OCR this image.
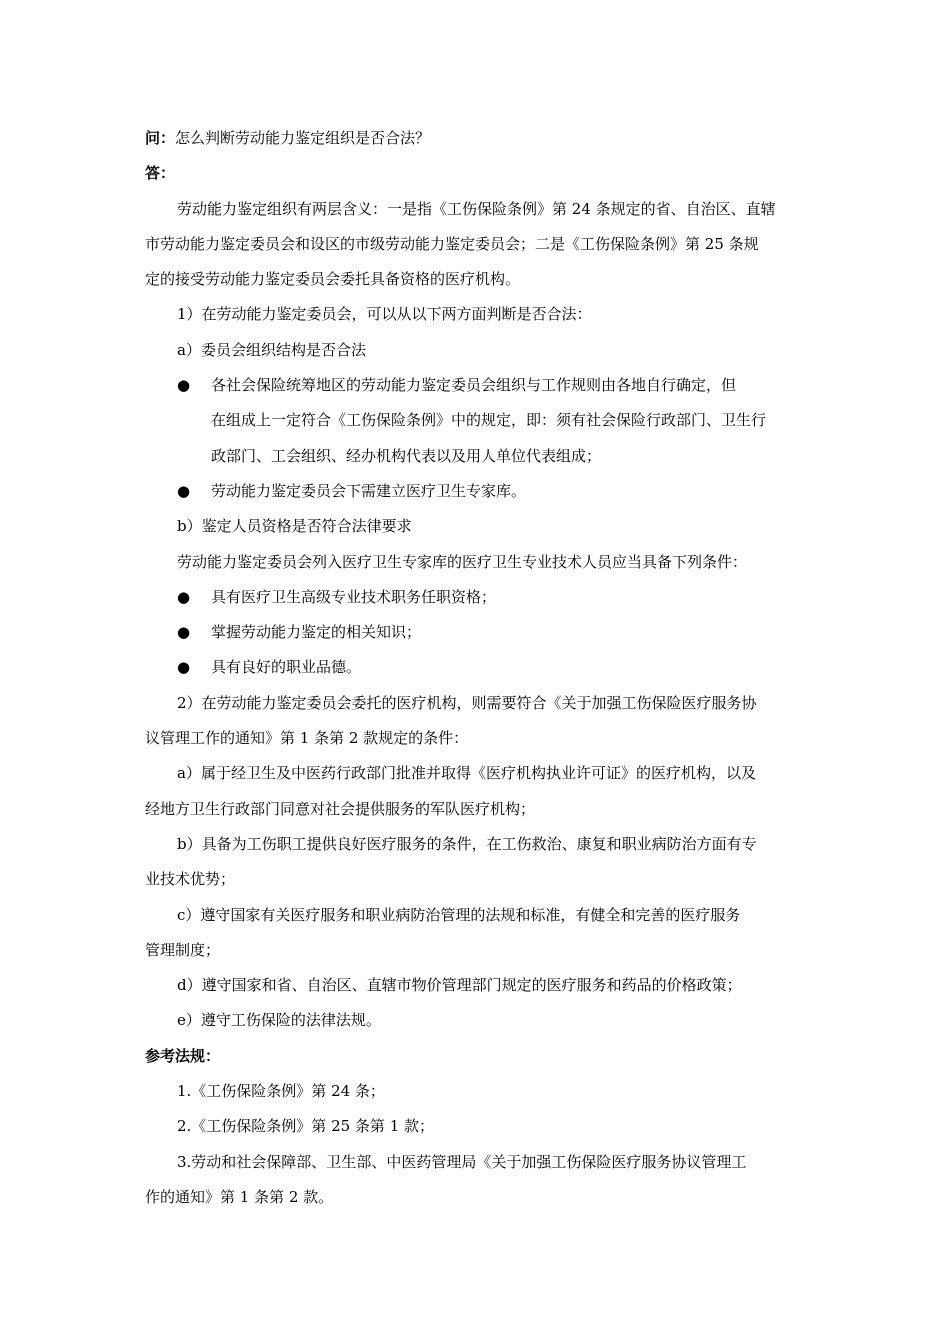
问：怎么判断劳动能力鉴定组织是否合法？
答：
劳动能力鉴定组织有两层含义：一是指《工伤保险条例》第 24 条规定的省、自治区、直辖
市劳动能力鉴定委员会和设区的市级劳动能力鉴定委员会；二是《工伤保险条例》第 25 条规
定的接受劳动能力鉴定委员会委托具备资格的医疗机构。
1）在劳动能力鉴定委员会，可以从以下两方面判断是否合法：
a）委员会组织结构是否合法
●	各社会保险统筹地区的劳动能力鉴定委员会组织与工作规则由各地自行确定，但
在组成上一定符合《工伤保险条例》中的规定，即：须有社会保险行政部门、卫生行
政部门、工会组织、经办机构代表以及用人单位代表组成；
●	劳动能力鉴定委员会下需建立医疗卫生专家库。
b）鉴定人员资格是否符合法律要求
劳动能力鉴定委员会列入医疗卫生专家库的医疗卫生专业技术人员应当具备下列条件：
●	具有医疗卫生高级专业技术职务任职资格；
●	掌握劳动能力鉴定的相关知识；
●	具有良好的职业品德。
2）在劳动能力鉴定委员会委托的医疗机构，则需要符合《关于加强工伤保险医疗服务协
议管理工作的通知》第 1 条第 2 款规定的条件：
a）属于经卫生及中医药行政部门批准并取得《医疗机构执业许可证》的医疗机构，以及
经地方卫生行政部门同意对社会提供服务的军队医疗机构；
b）具备为工伤职工提供良好医疗服务的条件，在工伤救治、康复和职业病防治方面有专
业技术优势；
c）遵守国家有关医疗服务和职业病防治管理的法规和标准，有健全和完善的医疗服务
管理制度；
d）遵守国家和省、自治区、直辖市物价管理部门规定的医疗服务和药品的价格政策；
e）遵守工伤保险的法律法规。
参考法规：
1.《工伤保险条例》第 24 条；
2.《工伤保险条例》第 25 条第 1 款；
3.劳动和社会保障部、卫生部、中医药管理局《关于加强工伤保险医疗服务协议管理工
作的通知》第 1 条第 2 款。
